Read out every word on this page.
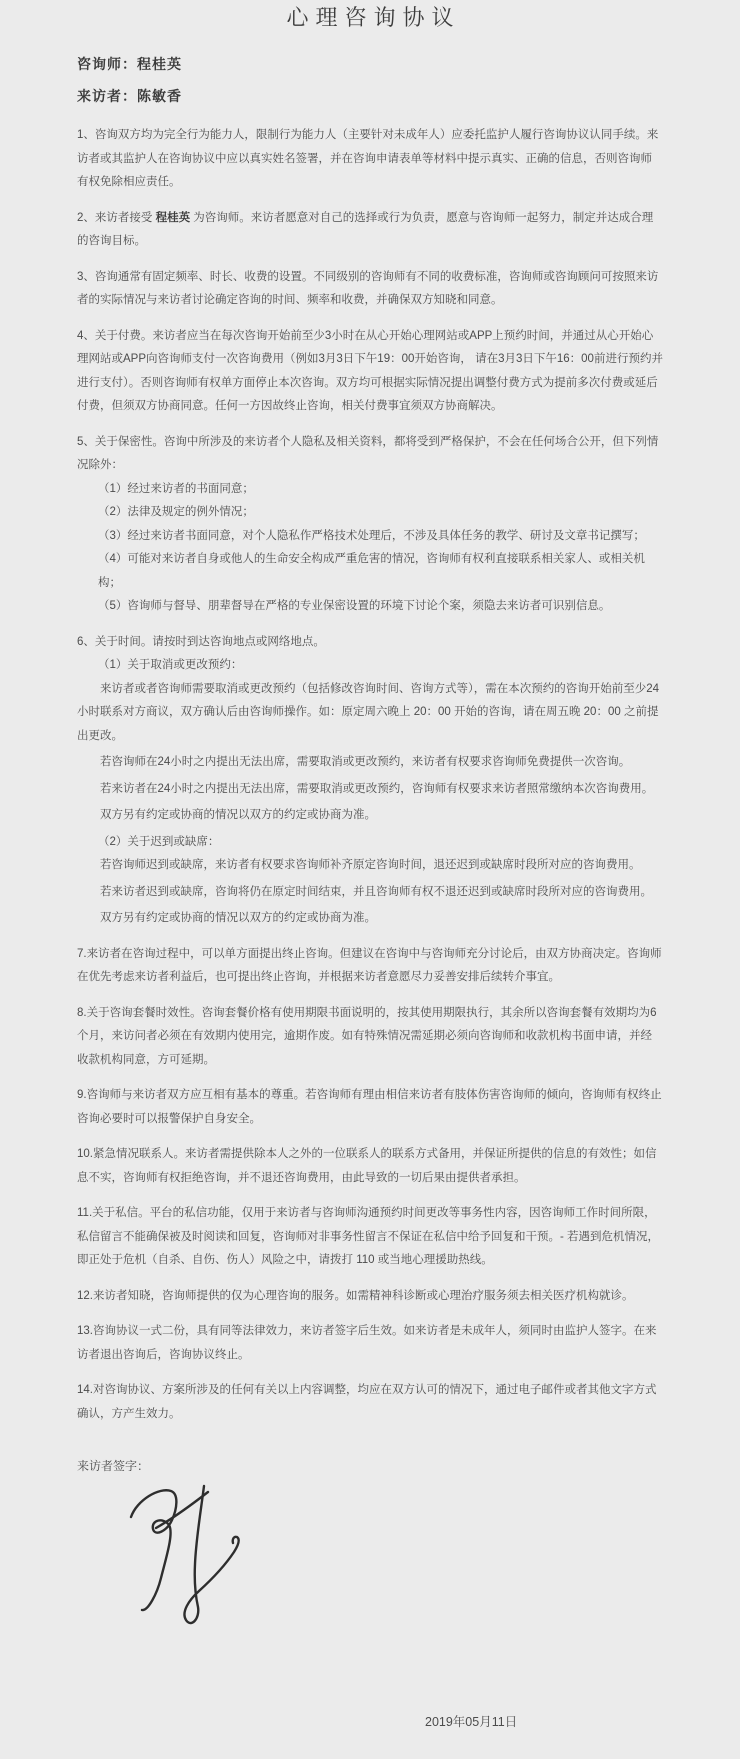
心理咨询协议

咨询师：程桂英

来访者：陈敏香

1、咨询双方均为完全行为能力人，限制行为能力人（主要针对未成年人）应委托监护人履行咨询协议认同手续。来访者或其监护人在咨询协议中应以真实姓名签署，并在咨询申请表单等材料中提示真实、正确的信息，否则咨询师有权免除相应责任。

2、来访者接受 程桂英 为咨询师。来访者愿意对自己的选择或行为负责，愿意与咨询师一起努力，制定并达成合理的咨询目标。

3、咨询通常有固定频率、时长、收费的设置。不同级别的咨询师有不同的收费标准，咨询师或咨询顾问可按照来访者的实际情况与来访者讨论确定咨询的时间、频率和收费，并确保双方知晓和同意。

4、关于付费。来访者应当在每次咨询开始前至少3小时在从心开始心理网站或APP上预约时间，并通过从心开始心理网站或APP向咨询师支付一次咨询费用（例如3月3日下午19：00开始咨询， 请在3月3日下午16：00前进行预约并进行支付）。否则咨询师有权单方面停止本次咨询。双方均可根据实际情况提出调整付费方式为提前多次付费或延后付费，但须双方协商同意。任何一方因故终止咨询，相关付费事宜须双方协商解决。

5、关于保密性。咨询中所涉及的来访者个人隐私及相关资料，都将受到严格保护，不会在任何场合公开，但下列情况除外：

（1）经过来访者的书面同意；

（2）法律及规定的例外情况；

（3）经过来访者书面同意，对个人隐私作严格技术处理后，不涉及具体任务的教学、研讨及文章书记撰写；

（4）可能对来访者自身或他人的生命安全构成严重危害的情况，咨询师有权利直接联系相关家人、或相关机构；

（5）咨询师与督导、朋辈督导在严格的专业保密设置的环境下讨论个案，须隐去来访者可识别信息。

6、关于时间。请按时到达咨询地点或网络地点。

（1）关于取消或更改预约：

来访者或者咨询师需要取消或更改预约（包括修改咨询时间、咨询方式等），需在本次预约的咨询开始前至少24小时联系对方商议，双方确认后由咨询师操作。如：原定周六晚上 20：00 开始的咨询，请在周五晚 20：00 之前提出更改。

若咨询师在24小时之内提出无法出席，需要取消或更改预约，来访者有权要求咨询师免费提供一次咨询。

若来访者在24小时之内提出无法出席，需要取消或更改预约，咨询师有权要求来访者照常缴纳本次咨询费用。

双方另有约定或协商的情况以双方的约定或协商为准。

（2）关于迟到或缺席：

若咨询师迟到或缺席，来访者有权要求咨询师补齐原定咨询时间，退还迟到或缺席时段所对应的咨询费用。

若来访者迟到或缺席，咨询将仍在原定时间结束，并且咨询师有权不退还迟到或缺席时段所对应的咨询费用。

双方另有约定或协商的情况以双方的约定或协商为准。

7.来访者在咨询过程中，可以单方面提出终止咨询。但建议在咨询中与咨询师充分讨论后，由双方协商决定。咨询师在优先考虑来访者利益后，也可提出终止咨询，并根据来访者意愿尽力妥善安排后续转介事宜。

8.关于咨询套餐时效性。咨询套餐价格有使用期限书面说明的，按其使用期限执行，其余所以咨询套餐有效期均为6个月，来访问者必须在有效期内使用完，逾期作废。如有特殊情况需延期必须向咨询师和收款机构书面申请，并经收款机构同意，方可延期。

9.咨询师与来访者双方应互相有基本的尊重。若咨询师有理由相信来访者有肢体伤害咨询师的倾向，咨询师有权终止咨询必要时可以报警保护自身安全。

10.紧急情况联系人。来访者需提供除本人之外的一位联系人的联系方式备用，并保证所提供的信息的有效性；如信息不实，咨询师有权拒绝咨询，并不退还咨询费用，由此导致的一切后果由提供者承担。

11.关于私信。平台的私信功能，仅用于来访者与咨询师沟通预约时间更改等事务性内容，因咨询师工作时间所限，私信留言不能确保被及时阅读和回复，咨询师对非事务性留言不保证在私信中给予回复和干预。- 若遇到危机情况，即正处于危机（自杀、自伤、伤人）风险之中，请拨打 110 或当地心理援助热线。

12.来访者知晓，咨询师提供的仅为心理咨询的服务。如需精神科诊断或心理治疗服务须去相关医疗机构就诊。

13.咨询协议一式二份，具有同等法律效力，来访者签字后生效。如来访者是未成年人，须同时由监护人签字。在来访者退出咨询后，咨询协议终止。

14.对咨询协议、方案所涉及的任何有关以上内容调整，均应在双方认可的情况下，通过电子邮件或者其他文字方式确认，方产生效力。

来访者签字：

2019年05月11日
